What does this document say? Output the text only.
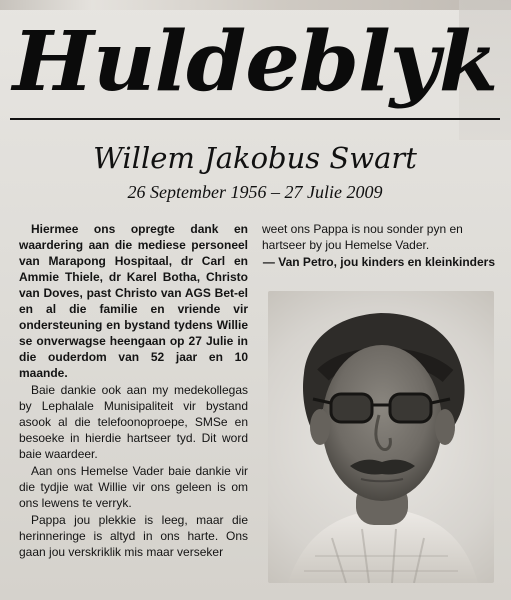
Huldeblyk
Willem Jakobus Swart
26 September 1956 – 27 Julie 2009

Hiermee ons opregte dank en waardering aan die mediese personeel van Marapong Hospitaal, dr Carl en Ammie Thiele, dr Karel Botha, Christo van Doves, past Christo van AGS Bet-el en al die familie en vriende vir ondersteuning en bystand tydens Willie se onverwagse heengaan op 27 Julie in die ouderdom van 52 jaar en 10 maande.

Baie dankie ook aan my medekollegas by Lephalale Munisipaliteit vir bystand asook al die telefoonoproepe, SMSe en besoeke in hierdie hartseer tyd. Dit word baie waardeer.

Aan ons Hemelse Vader baie dankie vir die tydjie wat Willie vir ons geleen is om ons lewens te verryk.

Pappa jou plekkie is leeg, maar die herinneringe is altyd in ons harte. Ons gaan jou verskriklik mis maar verseker

weet ons Pappa is nou sonder pyn en hartseer by jou Hemelse Vader.

— Van Petro, jou kinders en kleinkinders
